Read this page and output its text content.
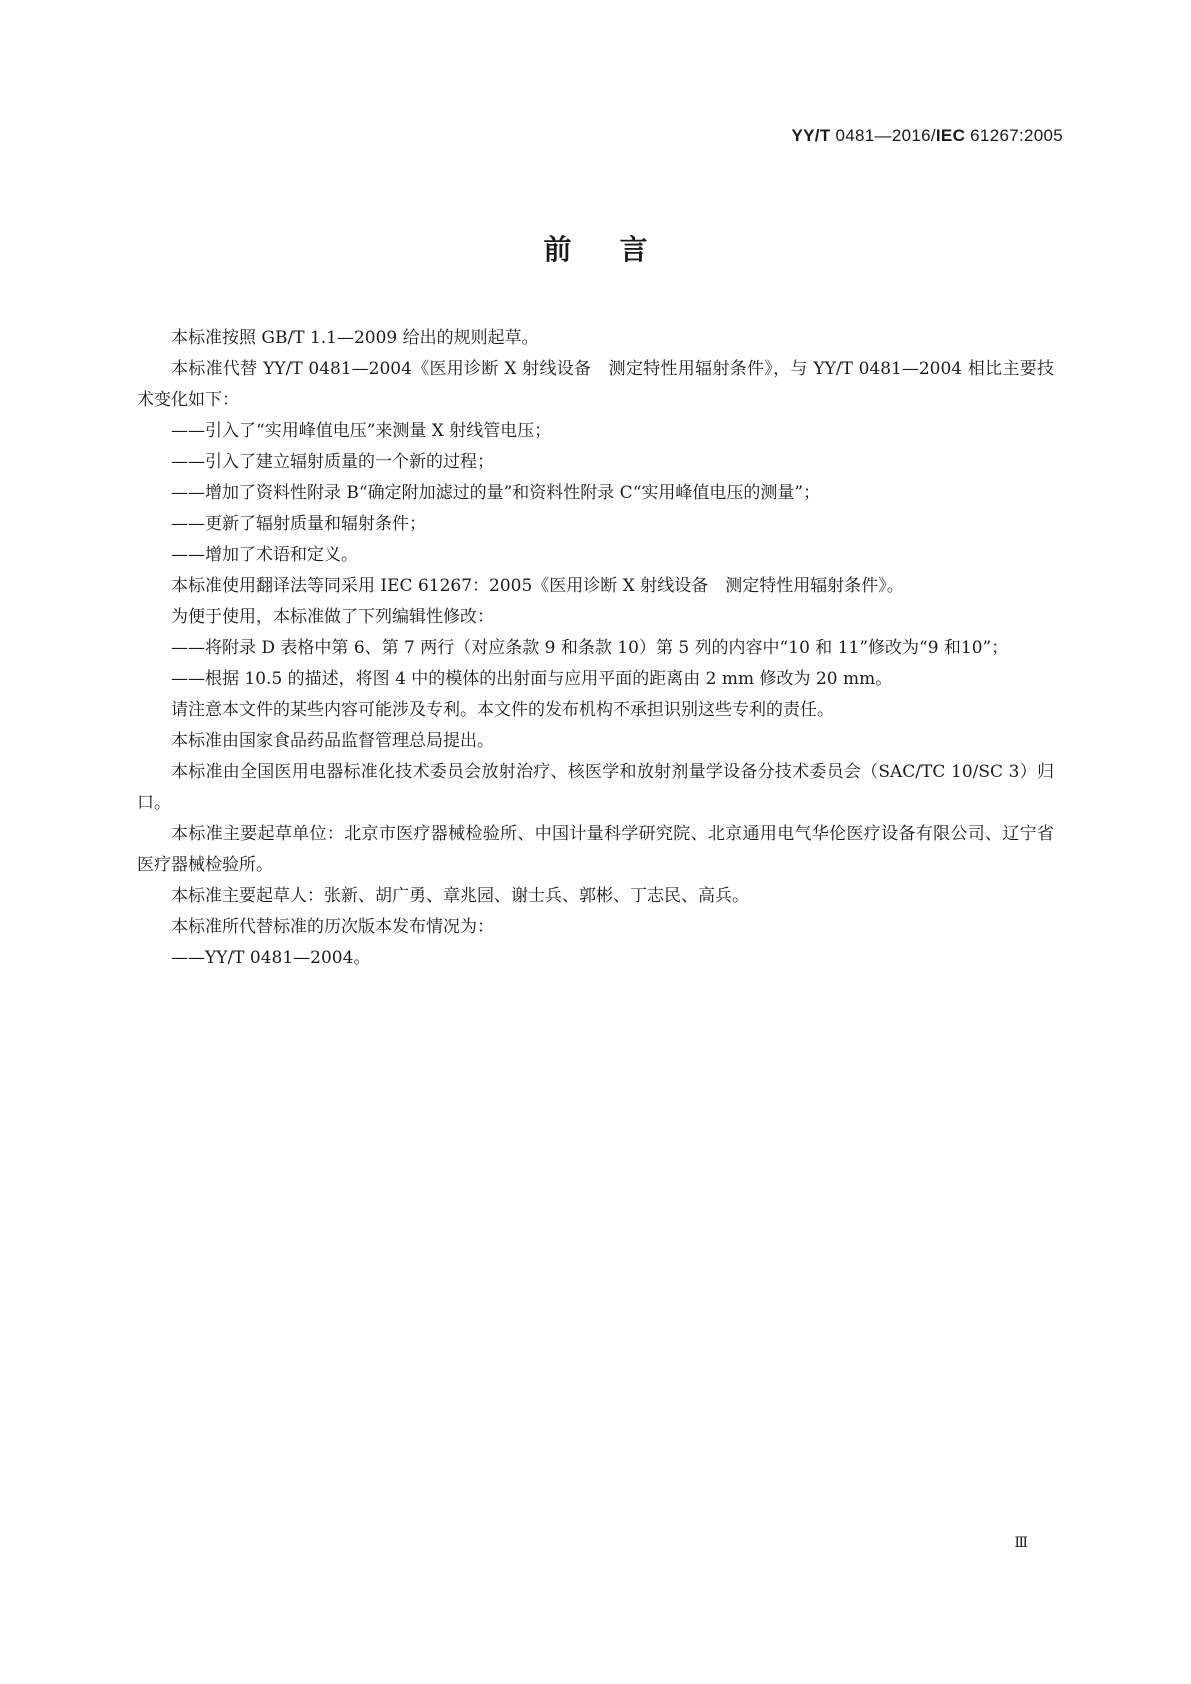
YY/T 0481—2016/IEC 61267:2005
前言

本标准按照 GB/T 1.1—2009 给出的规则起草。

本标准代替 YY/T 0481—2004《医用诊断 X 射线设备　测定特性用辐射条件》，与 YY/T 0481—2004 相比主要技术变化如下：

——引入了“实用峰值电压”来测量 X 射线管电压；

——引入了建立辐射质量的一个新的过程；

——增加了资料性附录 B“确定附加滤过的量”和资料性附录 C“实用峰值电压的测量”；

——更新了辐射质量和辐射条件；

——增加了术语和定义。

本标准使用翻译法等同采用 IEC 61267：2005《医用诊断 X 射线设备　测定特性用辐射条件》。

为便于使用，本标准做了下列编辑性修改：

——将附录 D 表格中第 6、第 7 两行（对应条款 9 和条款 10）第 5 列的内容中“10 和 11”修改为“9 和10”；

——根据 10.5 的描述，将图 4 中的模体的出射面与应用平面的距离由 2 mm 修改为 20 mm。

请注意本文件的某些内容可能涉及专利。本文件的发布机构不承担识别这些专利的责任。

本标准由国家食品药品监督管理总局提出。

本标准由全国医用电器标准化技术委员会放射治疗、核医学和放射剂量学设备分技术委员会（SAC/TC 10/SC 3）归口。

本标准主要起草单位：北京市医疗器械检验所、中国计量科学研究院、北京通用电气华伦医疗设备有限公司、辽宁省医疗器械检验所。

本标准主要起草人：张新、胡广勇、章兆园、谢士兵、郭彬、丁志民、高兵。

本标准所代替标准的历次版本发布情况为：

——YY/T 0481—2004。

Ⅲ
